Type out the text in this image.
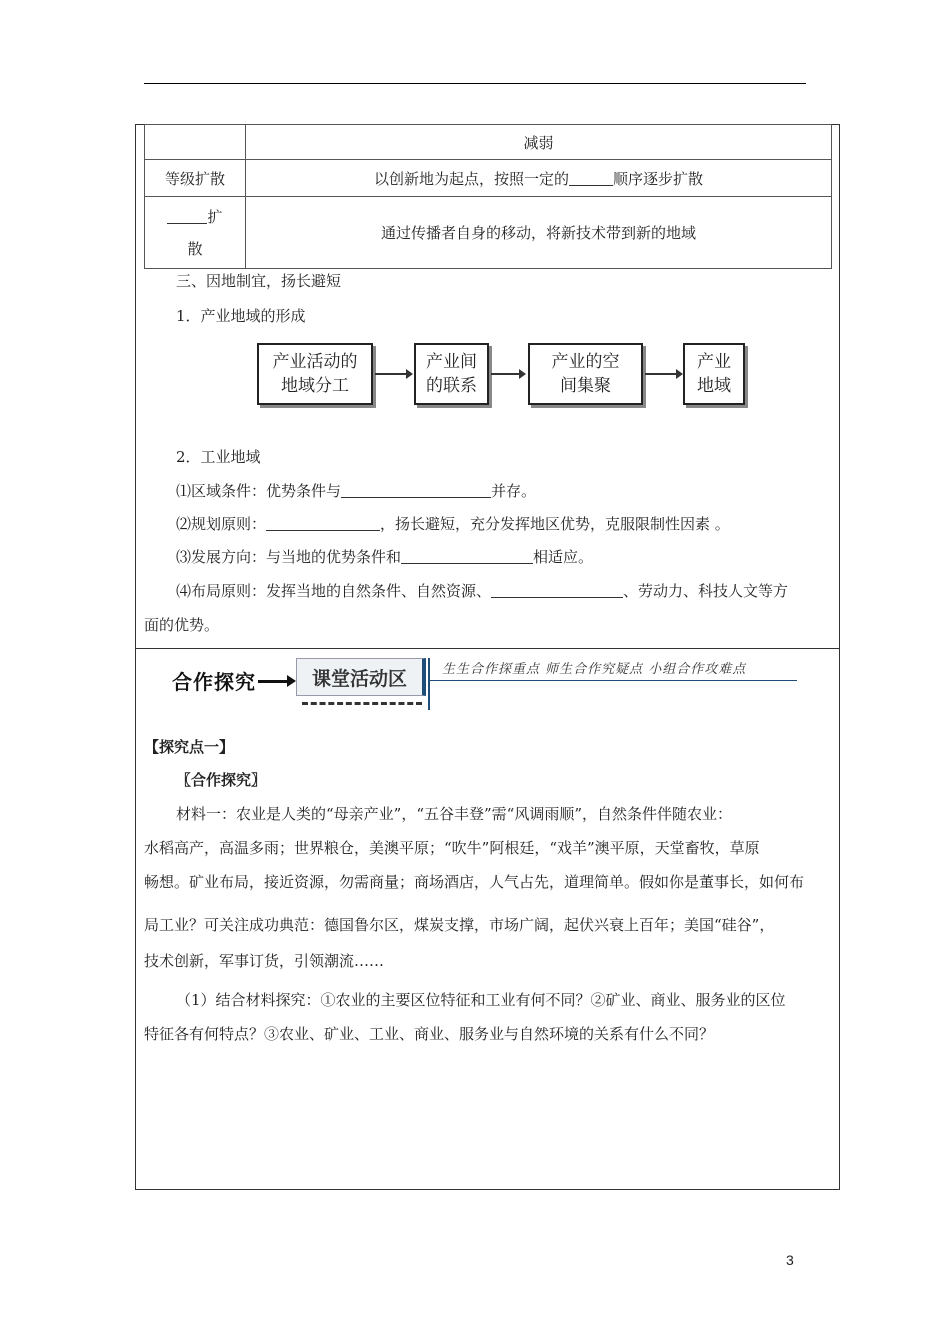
	减弱
等级扩散	以创新地为起点，按照一定的 顺序逐步扩散
扩
散	通过传播者自身的移动，将新技术带到新的地域
三、因地制宜，扬长避短
1．产业地域的形成
产业活动的
地域分工
产业间
的联系
产业的空
间集聚
产业
地域
2．工业地域
⑴区域条件：优势条件与	并存。
⑵规划原则：	，扬长避短，充分发挥地区优势，克服限制性因素 。
⑶发展方向：与当地的优势条件和	相适应。
⑷布局原则：发挥当地的自然条件、自然资源、	、劳动力、科技人文等方
面的优势。
合作探究	课堂活动区	生生合作探重点 师生合作究疑点 小组合作攻难点
【探究点一】
〖合作探究〗
材料一：农业是人类的“母亲产业”，“五谷丰登”需“风调雨顺”，自然条件伴随农业：
水稻高产，高温多雨；世界粮仓，美澳平原；“吹牛”阿根廷，“戏羊”澳平原，天堂畜牧，草原
畅想。矿业布局，接近资源，勿需商量；商场酒店，人气占先，道理简单。假如你是董事长，如何布
局工业？可关注成功典范：德国鲁尔区，煤炭支撑，市场广阔，起伏兴衰上百年；美国“硅谷”，
技术创新，军事订货，引领潮流……
（1）结合材料探究：①农业的主要区位特征和工业有何不同？②矿业、商业、服务业的区位
特征各有何特点？③农业、矿业、工业、商业、服务业与自然环境的关系有什么不同？
3
